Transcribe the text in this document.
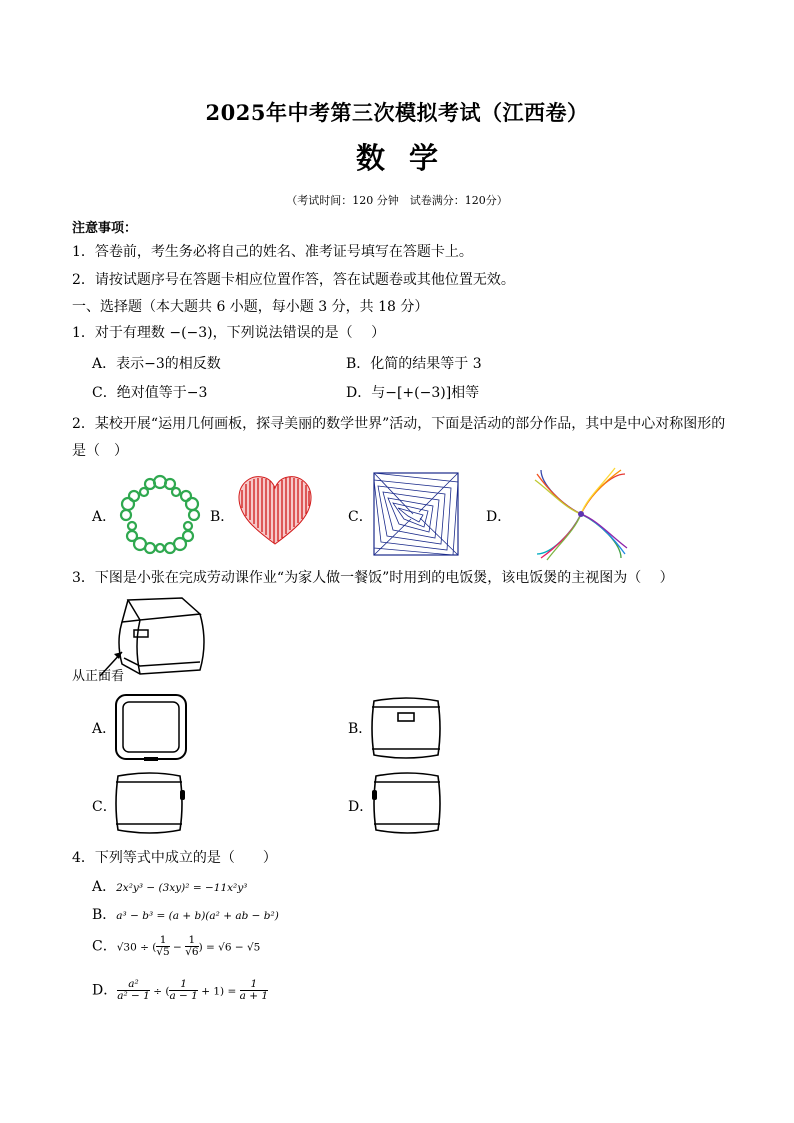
2025年中考第三次模拟考试（江西卷）
数学
（考试时间：120 分钟　试卷满分：120分）
注意事项：
1．答卷前，考生务必将自己的姓名、准考证号填写在答题卡上。
2．请按试题序号在答题卡相应位置作答，答在试题卷或其他位置无效。
一、选择题（本大题共 6 小题，每小题 3 分，共 18 分）
1．对于有理数 −(−3)，下列说法错误的是（　 ）
A．表示−3的相反数	B．化简的结果等于 3
C．绝对值等于−3	D．与−[+(−3)]相等
2．某校开展“运用几何画板，探寻美丽的数学世界”活动，下面是活动的部分作品，其中是中心对称图形的
是（　）
A．	B．	C．	D．
3．下图是小张在完成劳动课作业“为家人做一餐饭”时用到的电饭煲，该电饭煲的主视图为（　 ）
从正面看
A．	B．
C．	D．
4．下列等式中成立的是（　　）
A．2x²y³ − (3xy)² = −11x²y³
B．a³ − b³ = (a + b)(a² + ab − b²)
C．√30 ÷ ( $\frac{1}{√5} - \frac{1}{√6}$ ) = √6 − √5
D． $\frac{\text{a²}}{\text{a² − 1}}$ ÷ ( $\frac{1}{a - 1} + 1) = \frac{1}{a + 1}$
